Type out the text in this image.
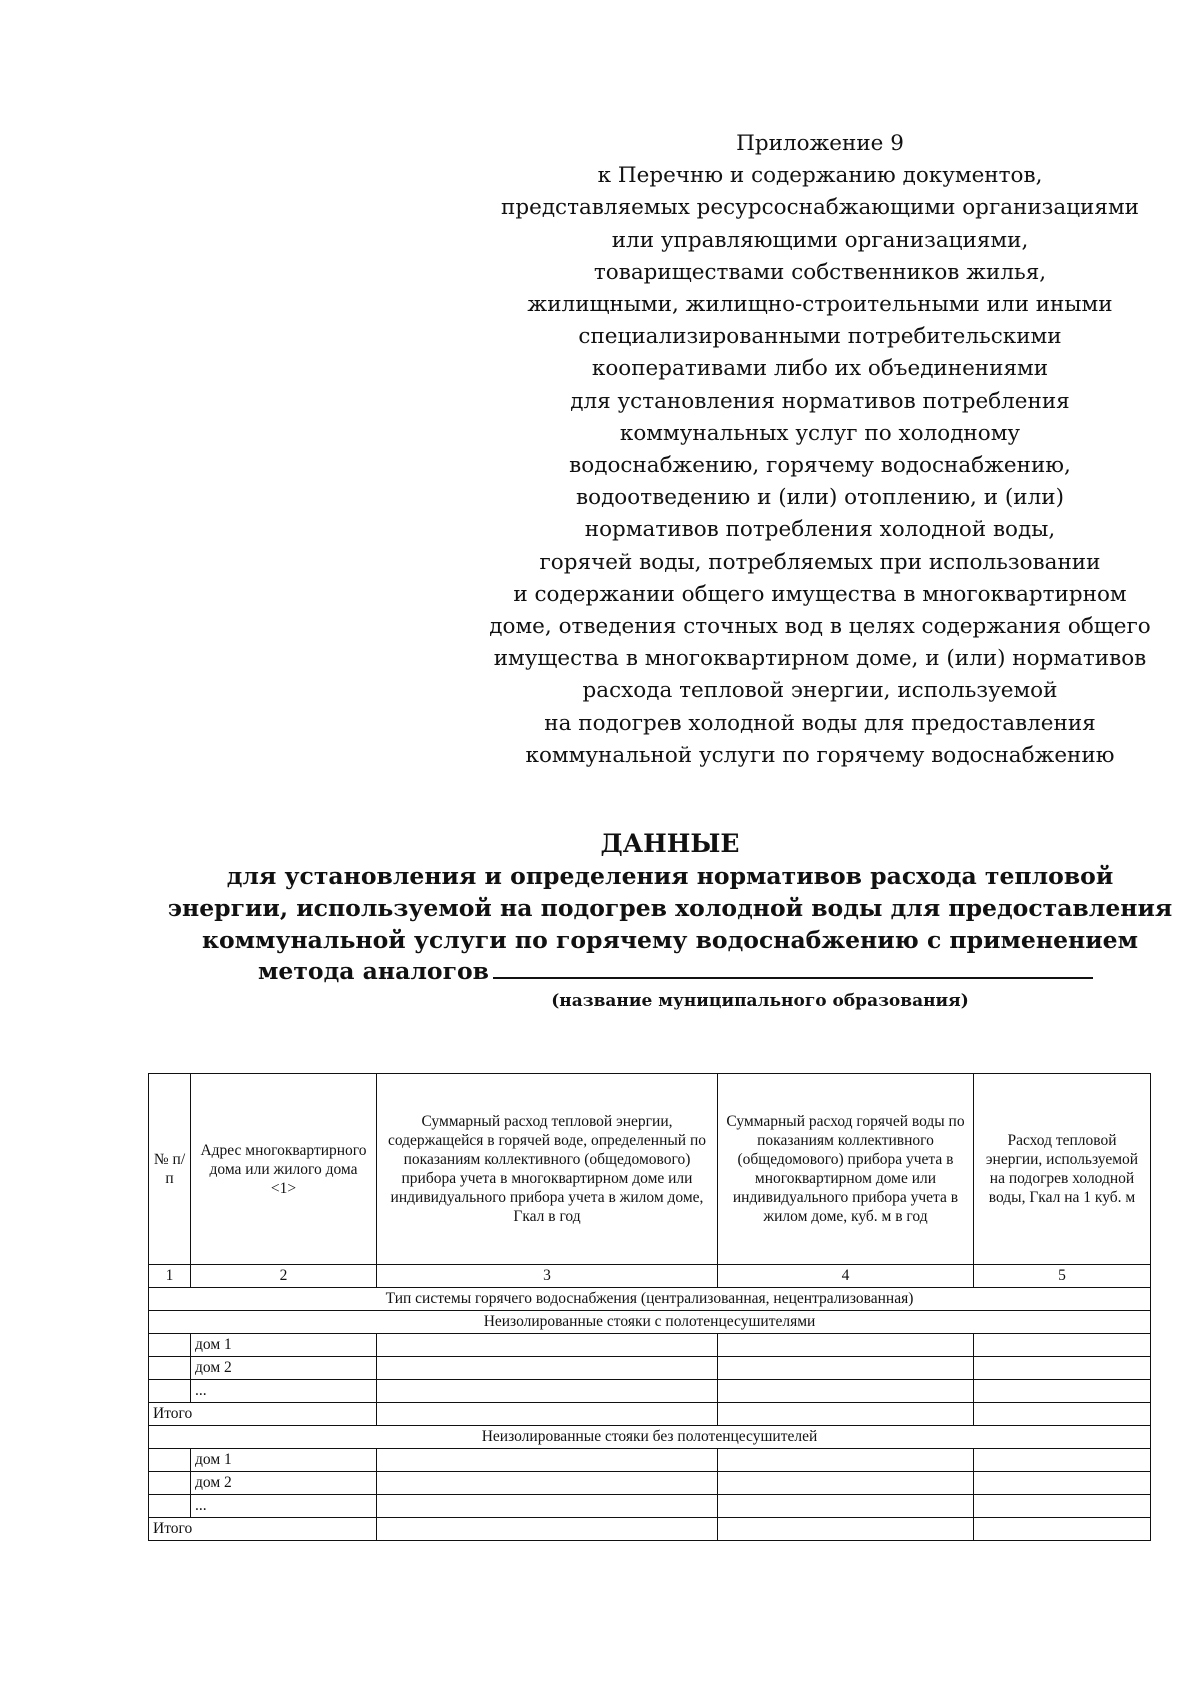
Приложение 9
к Перечню и содержанию документов,
представляемых ресурсоснабжающими организациями
или управляющими организациями,
товариществами собственников жилья,
жилищными, жилищно-строительными или иными
специализированными потребительскими
кооперативами либо их объединениями
для установления нормативов потребления
коммунальных услуг по холодному
водоснабжению, горячему водоснабжению,
водоотведению и (или) отоплению, и (или)
нормативов потребления холодной воды,
горячей воды, потребляемых при использовании
и содержании общего имущества в многоквартирном
доме, отведения сточных вод в целях содержания общего
имущества в многоквартирном доме, и (или) нормативов
расхода тепловой энергии, используемой
на подогрев холодной воды для предоставления
коммунальной услуги по горячему водоснабжению
ДАННЫЕ
для установления и определения нормативов расхода тепловой
энергии, используемой на подогрев холодной воды для предоставления
коммунальной услуги по горячему водоснабжению с применением
метода аналогов
(название муниципального образования)
№ п/п	Адрес многоквартирного дома или жилого дома <1>	Суммарный расход тепловой энергии, содержащейся в горячей воде, определенный по показаниям коллективного (общедомового) прибора учета в многоквартирном доме или индивидуального прибора учета в жилом доме, Гкал в год	Суммарный расход горячей воды по показаниям коллективного (общедомового) прибора учета в многоквартирном доме или индивидуального прибора учета в жилом доме, куб. м в год	Расход тепловой энергии, используемой на подогрев холодной воды, Гкал на 1 куб. м
1	2	3	4	5
Тип системы горячего водоснабжения (централизованная, нецентрализованная)				
Неизолированные стояки с полотенцесушителями				
	дом 1			
	дом 2			
	...			
Итого				
Неизолированные стояки без полотенцесушителей				
	дом 1			
	дом 2			
	...			
Итого				
